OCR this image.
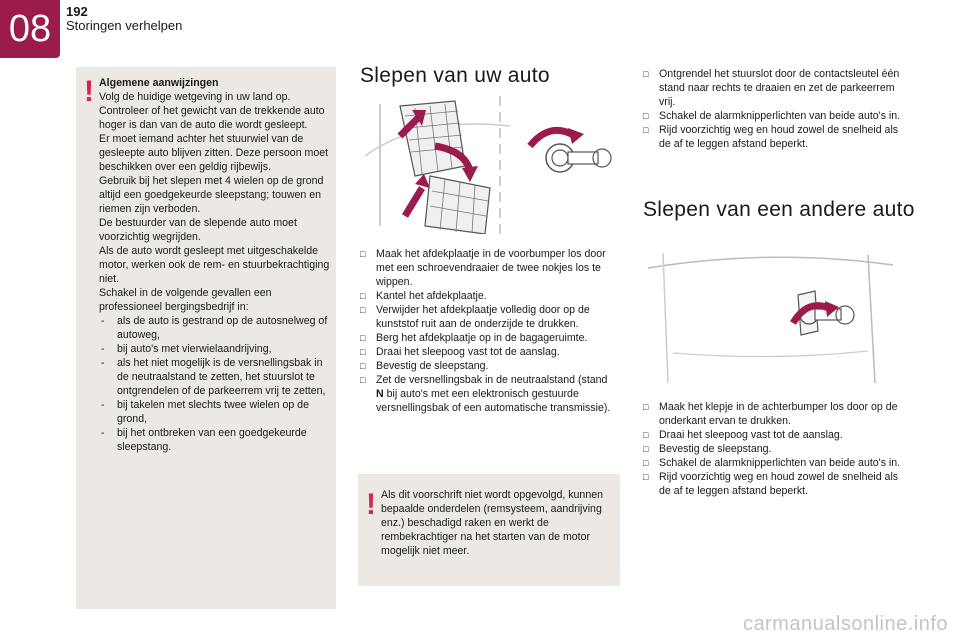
08 192
Storingen verhelpen
! Algemene aanwijzingen

Volg de huidige wetgeving in uw land op.

Controleer of het gewicht van de trekkende auto hoger is dan van de auto die wordt gesleept.

Er moet iemand achter het stuurwiel van de gesleepte auto blijven zitten. Deze persoon moet beschikken over een geldig rijbewijs.

Gebruik bij het slepen met 4 wielen op de grond altijd een goedgekeurde sleepstang; touwen en riemen zijn verboden.

De bestuurder van de slepende auto moet voorzichtig wegrijden.

Als de auto wordt gesleept met uitgeschakelde motor, werken ook de rem- en stuurbekrachtiging niet.

Schakel in de volgende gevallen een professioneel bergingsbedrijf in:

- als de auto is gestrand op de autosnelweg of autoweg,
- bij auto's met vierwielaandrijving,
- als het niet mogelijk is de versnellingsbak in de neutraalstand te zetten, het stuurslot te ontgrendelen of de parkeerrem vrij te zetten,
- bij takelen met slechts twee wielen op de grond,
- bij het ontbreken van een goedgekeurde sleepstang.
Slepen van uw auto
□ Maak het afdekplaatje in de voorbumper los door met een schroevendraaier de twee nokjes los te wippen.
□ Kantel het afdekplaatje.
□ Verwijder het afdekplaatje volledig door op de kunststof ruit aan de onderzijde te drukken.
□ Berg het afdekplaatje op in de bagageruimte.
□ Draai het sleepoog vast tot de aanslag.
□ Bevestig de sleepstang.
□ Zet de versnellingsbak in de neutraalstand (stand N bij auto's met een elektronisch gestuurde versnellingsbak of een automatische transmissie).
! Als dit voorschrift niet wordt opgevolgd, kunnen bepaalde onderdelen (remsysteem, aandrijving enz.) beschadigd raken en werkt de rembekrachtiger na het starten van de motor mogelijk niet meer.
□ Ontgrendel het stuurslot door de contactsleutel één stand naar rechts te draaien en zet de parkeerrem vrij.
□ Schakel de alarmknipperlichten van beide auto's in.
□ Rijd voorzichtig weg en houd zowel de snelheid als de af te leggen afstand beperkt.
Slepen van een andere auto
□ Maak het klepje in de achterbumper los door op de onderkant ervan te drukken.
□ Draai het sleepoog vast tot de aanslag.
□ Bevestig de sleepstang.
□ Schakel de alarmknipperlichten van beide auto's in.
□ Rijd voorzichtig weg en houd zowel de snelheid als de af te leggen afstand beperkt.
carmanualsonline.info
